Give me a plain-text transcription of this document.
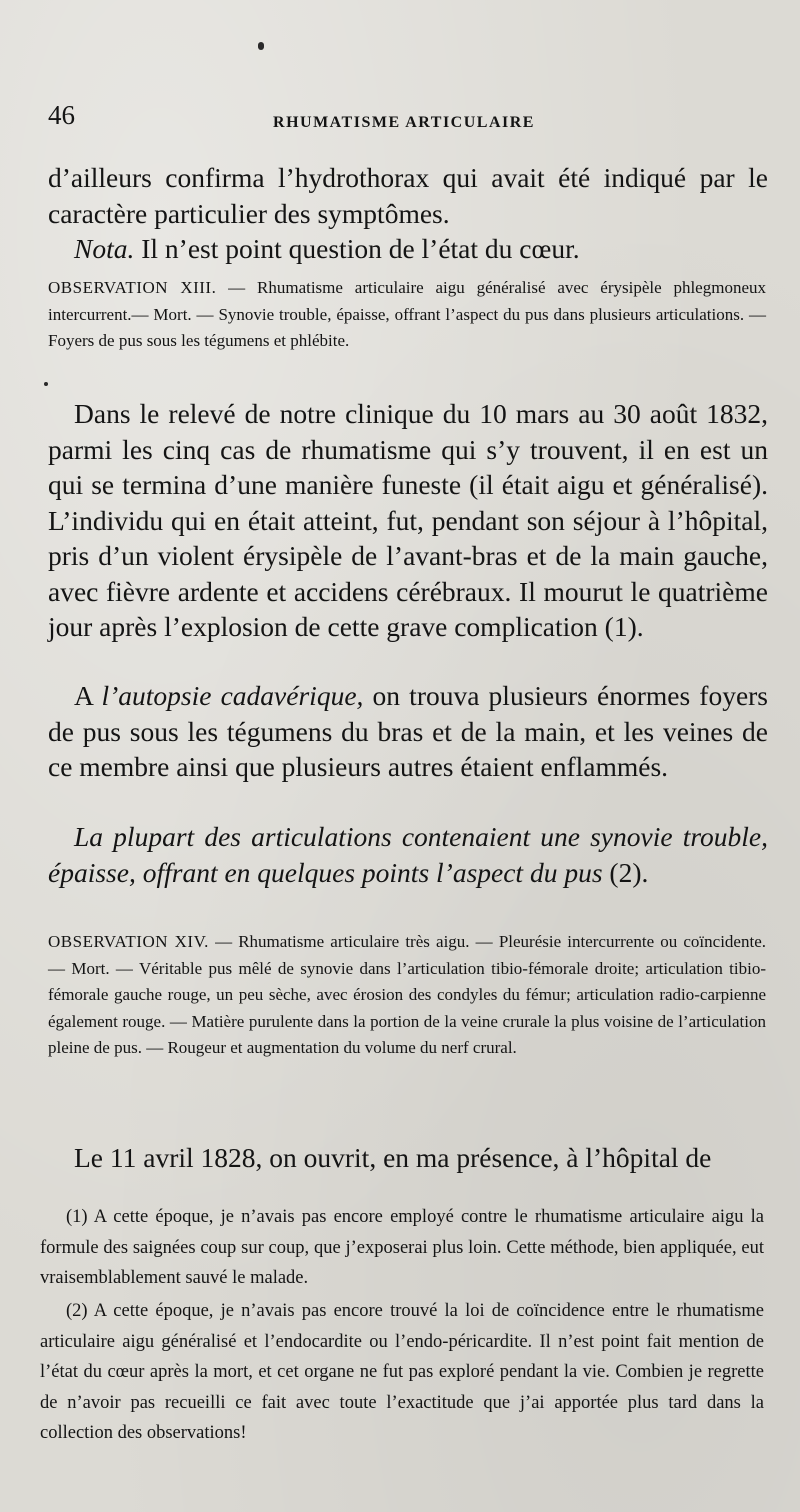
46	RHUMATISME ARTICULAIRE

d’ailleurs confirma l’hydrothorax qui avait été indiqué par le caractère particulier des symptômes.

Nota. Il n’est point question de l’état du cœur.

OBSERVATION XIII. — Rhumatisme articulaire aigu généralisé avec érysipèle phlegmoneux intercurrent.— Mort. — Synovie trouble, épaisse, offrant l’aspect du pus dans plusieurs articulations. — Foyers de pus sous les tégumens et phlébite.

Dans le relevé de notre clinique du 10 mars au 30 août 1832, parmi les cinq cas de rhumatisme qui s’y trouvent, il en est un qui se termina d’une manière funeste (il était aigu et généralisé). L’individu qui en était atteint, fut, pendant son séjour à l’hôpital, pris d’un violent érysipèle de l’avant-bras et de la main gauche, avec fièvre ardente et accidens cérébraux. Il mourut le quatrième jour après l’explosion de cette grave complication (1).

A l’autopsie cadavérique, on trouva plusieurs énormes foyers de pus sous les tégumens du bras et de la main, et les veines de ce membre ainsi que plusieurs autres étaient enflammés.

La plupart des articulations contenaient une synovie trouble, épaisse, offrant en quelques points l’aspect du pus (2).

OBSERVATION XIV. — Rhumatisme articulaire très aigu. — Pleurésie intercurrente ou coïncidente. — Mort. — Véritable pus mêlé de synovie dans l’articulation tibio-fémorale droite; articulation tibio-fémorale gauche rouge, un peu sèche, avec érosion des condyles du fémur; articulation radio-carpienne également rouge. — Matière purulente dans la portion de la veine crurale la plus voisine de l’articulation pleine de pus. — Rougeur et augmentation du volume du nerf crural.

Le 11 avril 1828, on ouvrit, en ma présence, à l’hôpital de

(1) A cette époque, je n’avais pas encore employé contre le rhumatisme articulaire aigu la formule des saignées coup sur coup, que j’exposerai plus loin. Cette méthode, bien appliquée, eut vraisemblablement sauvé le malade.

(2) A cette époque, je n’avais pas encore trouvé la loi de coïncidence entre le rhumatisme articulaire aigu généralisé et l’endocardite ou l’endo-péricardite. Il n’est point fait mention de l’état du cœur après la mort, et cet organe ne fut pas exploré pendant la vie. Combien je regrette de n’avoir pas recueilli ce fait avec toute l’exactitude que j’ai apportée plus tard dans la collection des observations!
